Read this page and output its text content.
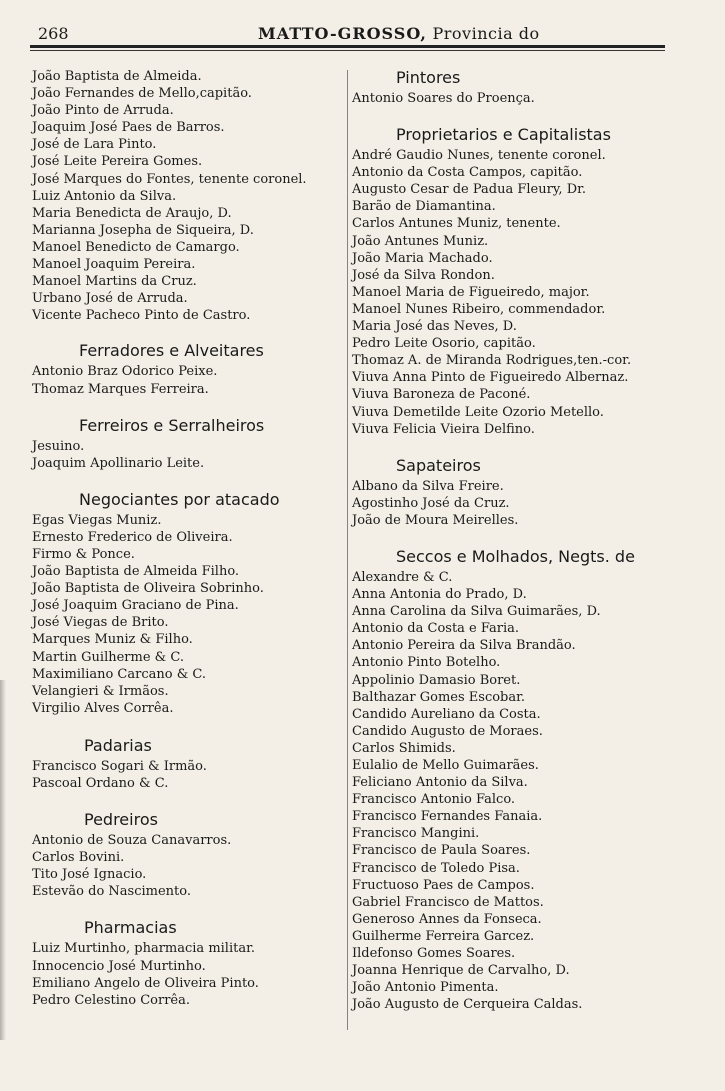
268	MATTO-GROSSO, Provincia do
João Baptista de Almeida.
João Fernandes de Mello,capitão.
João Pinto de Arruda.
Joaquim José Paes de Barros.
José de Lara Pinto.
José Leite Pereira Gomes.
José Marques do Fontes, tenente coronel.
Luiz Antonio da Silva.
Maria Benedicta de Araujo, D.
Marianna Josepha de Siqueira, D.
Manoel Benedicto de Camargo.
Manoel Joaquim Pereira.
Manoel Martins da Cruz.
Urbano José de Arruda.
Vicente Pacheco Pinto de Castro.
Ferradores e Alveitares
Antonio Braz Odorico Peixe.
Thomaz Marques Ferreira.
Ferreiros e Serralheiros
Jesuino.
Joaquim Apollinario Leite.
Negociantes por atacado
Egas Viegas Muniz.
Ernesto Frederico de Oliveira.
Firmo & Ponce.
João Baptista de Almeida Filho.
João Baptista de Oliveira Sobrinho.
José Joaquim Graciano de Pina.
José Viegas de Brito.
Marques Muniz & Filho.
Martin Guilherme & C.
Maximiliano Carcano & C.
Velangieri & Irmãos.
Virgilio Alves Corrêa.
Padarias
Francisco Sogari & Irmão.
Pascoal Ordano & C.
Pedreiros
Antonio de Souza Canavarros.
Carlos Bovini.
Tito José Ignacio.
Estevão do Nascimento.
Pharmacias
Luiz Murtinho, pharmacia militar.
Innocencio José Murtinho.
Emiliano Angelo de Oliveira Pinto.
Pedro Celestino Corrêa.
Pintores
Antonio Soares do Proença.
Proprietarios e Capitalistas
André Gaudio Nunes, tenente coronel.
Antonio da Costa Campos, capitão.
Augusto Cesar de Padua Fleury, Dr.
Barão de Diamantina.
Carlos Antunes Muniz, tenente.
João Antunes Muniz.
João Maria Machado.
José da Silva Rondon.
Manoel Maria de Figueiredo, major.
Manoel Nunes Ribeiro, commendador.
Maria José das Neves, D.
Pedro Leite Osorio, capitão.
Thomaz A. de Miranda Rodrigues,ten.-cor.
Viuva Anna Pinto de Figueiredo Albernaz.
Viuva Baroneza de Paconé.
Viuva Demetilde Leite Ozorio Metello.
Viuva Felicia Vieira Delfino.
Sapateiros
Albano da Silva Freire.
Agostinho José da Cruz.
João de Moura Meirelles.
Seccos e Molhados, Negts. de
Alexandre & C.
Anna Antonia do Prado, D.
Anna Carolina da Silva Guimarães, D.
Antonio da Costa e Faria.
Antonio Pereira da Silva Brandão.
Antonio Pinto Botelho.
Appolinio Damasio Boret.
Balthazar Gomes Escobar.
Candido Aureliano da Costa.
Candido Augusto de Moraes.
Carlos Shimids.
Eulalio de Mello Guimarães.
Feliciano Antonio da Silva.
Francisco Antonio Falco.
Francisco Fernandes Fanaia.
Francisco Mangini.
Francisco de Paula Soares.
Francisco de Toledo Pisa.
Fructuoso Paes de Campos.
Gabriel Francisco de Mattos.
Generoso Annes da Fonseca.
Guilherme Ferreira Garcez.
Ildefonso Gomes Soares.
Joanna Henrique de Carvalho, D.
João Antonio Pimenta.
João Augusto de Cerqueira Caldas.
